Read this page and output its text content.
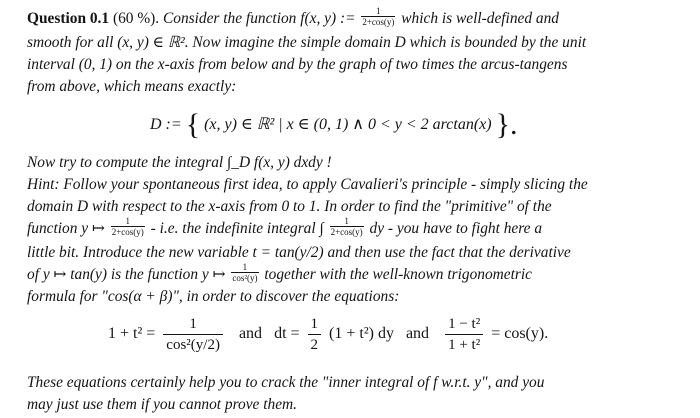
Question 0.1 (60 %). Consider the function f(x, y) := $\frac{1}{2+\cos(y)}$ which is well-defined and
smooth for all (x, y) ∈ ℝ². Now imagine the simple domain D which is bounded by the unit
interval (0, 1) on the x-axis from below and by the graph of two times the arcus-tangens
from above, which means exactly:
D := { (x, y) ∈ ℝ² | x ∈ (0, 1) ∧ 0 < y < 2 arctan(x) }.
Now try to compute the integral ∫_D f(x, y) dxdy !
Hint: Follow your spontaneous first idea, to apply Cavalieri's principle - simply slicing the
domain D with respect to the x-axis from 0 to 1. In order to find the "primitive" of the
function y ↦ $\frac{1}{2+\cos(y)} - i.e$. the indefinite integral ∫ $\frac{1}{2+\cos(y)}$ dy - you have to fight here a
little bit. Introduce the new variable t = tan(y/2) and then use the fact that the derivative
of y ↦ tan(y) is the function y ↦ $\frac{1}{\text{cos²(y)}}$ together with the well-known trigonometric
formula for "cos(α + β)", in order to discover the equations:
$1 + t^2 = \frac{1}{\text{cos²(y/2)}}$ and dt = $\frac{1}{2} (1 + t^2)$ dy and $\frac{\text{1 − t²}}{\text{1 + t²}} = \cos(y)$.
These equations certainly help you to crack the "inner integral of f w.r.t. y", and you
may just use them if you cannot prove them.
